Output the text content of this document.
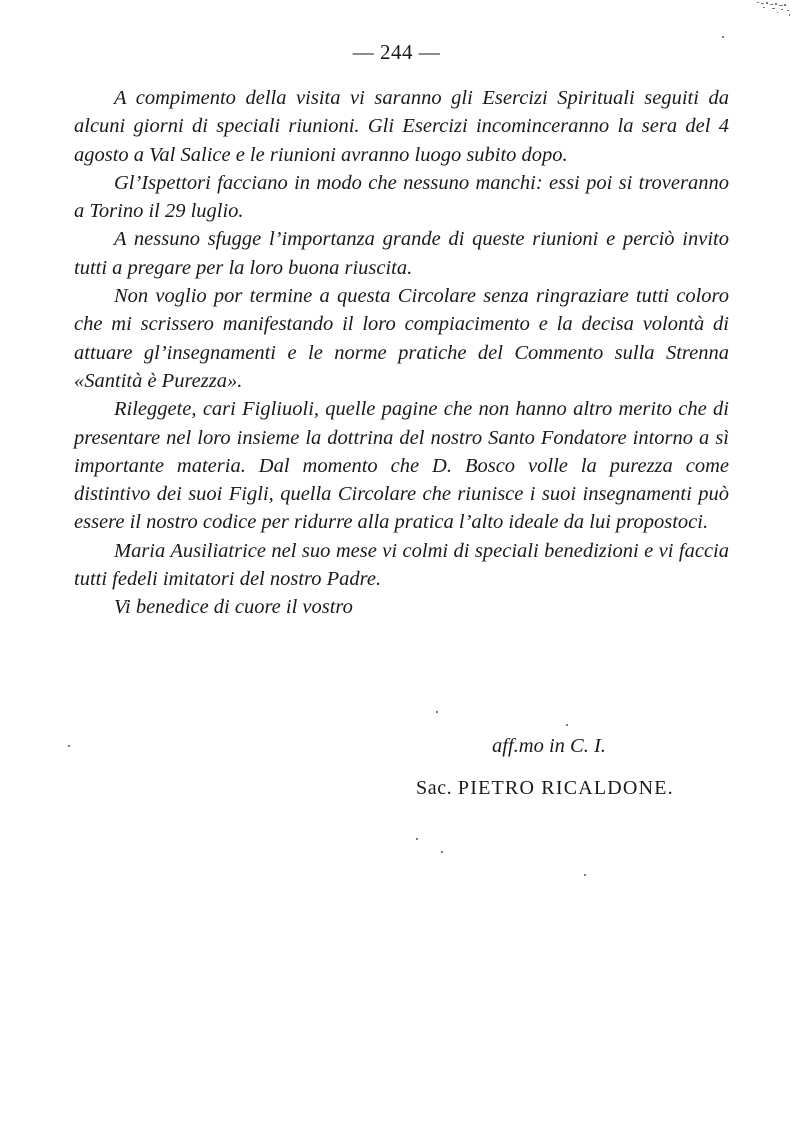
— 244 —

A compimento della visita vi saranno gli Esercizi Spirituali seguiti da alcuni giorni di speciali riunioni. Gli Esercizi incominceranno la sera del 4 agosto a Val Salice e le riunioni avranno luogo subito dopo.

Gl’Ispettori facciano in modo che nessuno manchi: essi poi si troveranno a Torino il 29 luglio.

A nessuno sfugge l’importanza grande di queste riunioni e perciò invito tutti a pregare per la loro buona riuscita.

Non voglio por termine a questa Circolare senza ringraziare tutti coloro che mi scrissero manifestando il loro compiacimento e la decisa volontà di attuare gl’insegnamenti e le norme pratiche del Commento sulla Strenna «Santità è Purezza».

Rileggete, cari Figliuoli, quelle pagine che non hanno altro merito che di presentare nel loro insieme la dottrina del nostro Santo Fondatore intorno a sì importante materia. Dal momento che D. Bosco volle la purezza come distintivo dei suoi Figli, quella Circolare che riunisce i suoi insegnamenti può essere il nostro codice per ridurre alla pratica l’alto ideale da lui propostoci.

Maria Ausiliatrice nel suo mese vi colmi di speciali benedizioni e vi faccia tutti fedeli imitatori del nostro Padre.

Vi benedice di cuore il vostro

aff.mo in C. I.
Sac. PIETRO RICALDONE.
